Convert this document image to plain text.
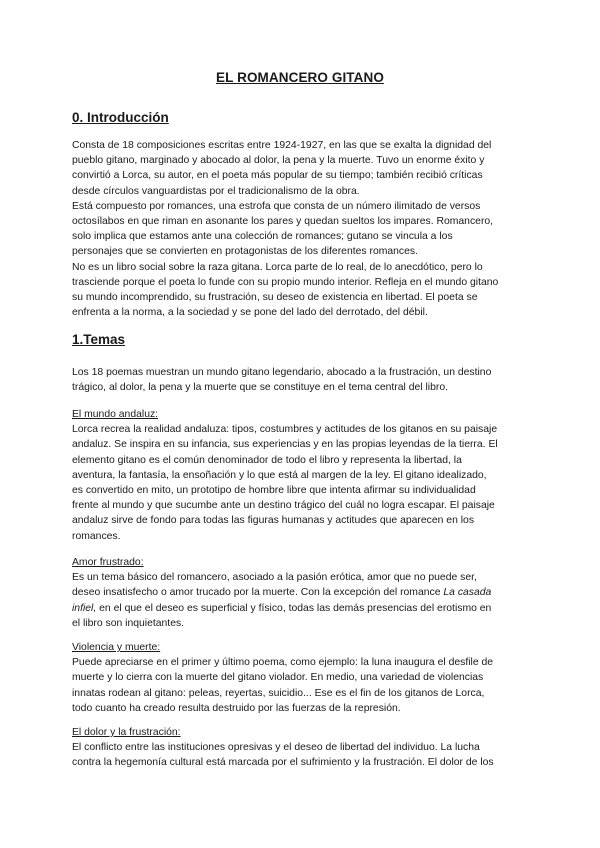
EL ROMANCERO GITANO
0. Introducción
Consta de 18 composiciones escritas entre 1924-1927, en las que se exalta la dignidad del
pueblo gitano, marginado y abocado al dolor, la pena y la muerte. Tuvo un enorme éxito y
convirtió a Lorca, su autor, en el poeta más popular de su tiempo; también recibió críticas
desde círculos vanguardistas por el tradicionalismo de la obra.
Está compuesto por romances, una estrofa que consta de un número ilimitado de versos
octosílabos en que riman en asonante los pares y quedan sueltos los impares. Romancero,
solo implica que estamos ante una colección de romances; gutano se vincula a los
personajes que se convierten en protagonistas de los diferentes romances.
No es un libro social sobre la raza gitana. Lorca parte de lo real, de lo anecdótico, pero lo
trasciende porque el poeta lo funde con su propio mundo interior. Refleja en el mundo gitano
su mundo incomprendido, su frustración, su deseo de existencia en libertad. El poeta se
enfrenta a la norma, a la sociedad y se pone del lado del derrotado, del débil.
1.Temas
Los 18 poemas muestran un mundo gitano legendario, abocado a la frustración, un destino
trágico, al dolor, la pena y la muerte que se constituye en el tema central del libro.
El mundo andaluz:
Lorca recrea la realidad andaluza: tipos, costumbres y actitudes de los gitanos en su paisaje
andaluz. Se inspira en su infancia, sus experiencias y en las propias leyendas de la tierra. El
elemento gitano es el común denominador de todo el libro y representa la libertad, la
aventura, la fantasía, la ensoñación y lo que está al margen de la ley. El gitano idealizado,
es convertido en mito, un prototipo de hombre libre que intenta afirmar su individualidad
frente al mundo y que sucumbe ante un destino trágico del cuál no logra escapar. El paisaje
andaluz sirve de fondo para todas las figuras humanas y actitudes que aparecen en los
romances.
Amor frustrado:
Es un tema básico del romancero, asociado a la pasión erótica, amor que no puede ser,
deseo insatisfecho o amor trucado por la muerte. Con la excepción del romance La casada
infiel, en el que el deseo es superficial y físico, todas las demás presencias del erotismo en
el libro son inquietantes.
Violencia y muerte:
Puede apreciarse en el primer y último poema, como ejemplo: la luna inaugura el desfile de
muerte y lo cierra con la muerte del gitano violador. En medio, una variedad de violencias
innatas rodean al gitano: peleas, reyertas, suicidio... Ese es el fin de los gitanos de Lorca,
todo cuanto ha creado resulta destruido por las fuerzas de la represión.
El dolor y la frustración:
El conflicto entre las instituciones opresivas y el deseo de libertad del individuo. La lucha
contra la hegemonía cultural está marcada por el sufrimiento y la frustración. El dolor de los
